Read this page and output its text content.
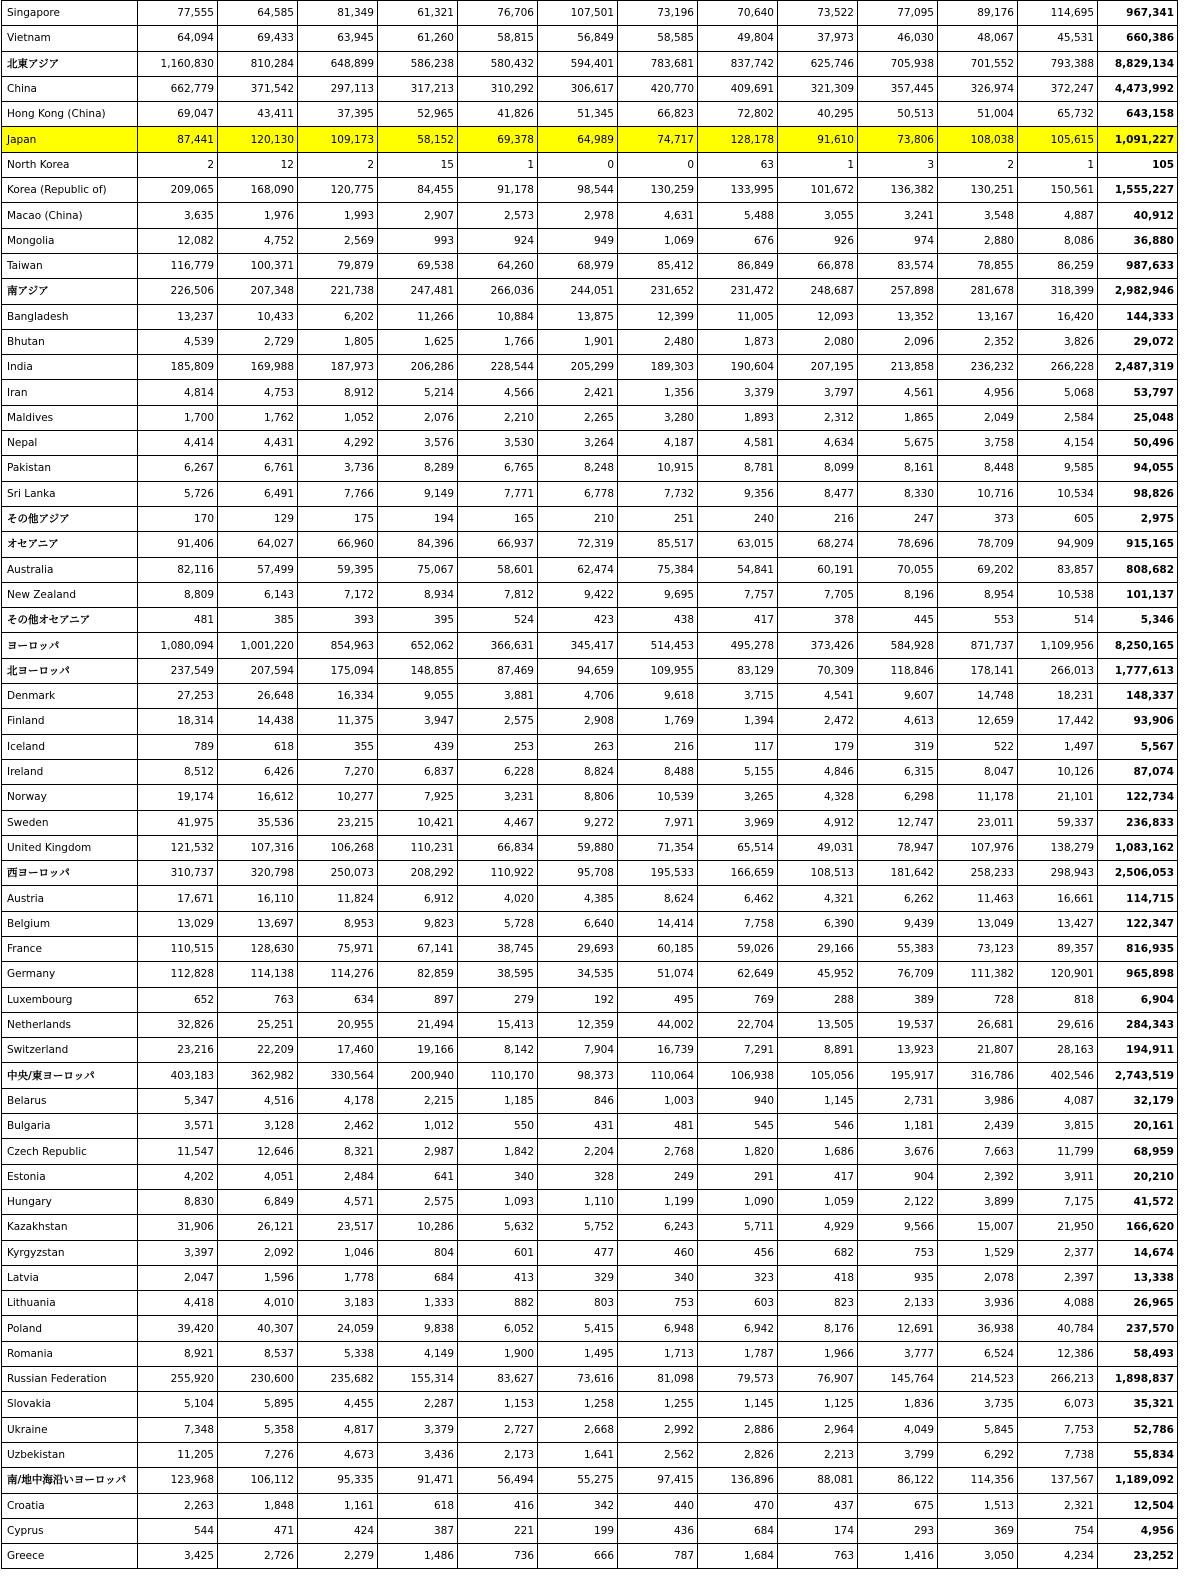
Singapore	77,555	64,585	81,349	61,321	76,706	107,501	73,196	70,640	73,522	77,095	89,176	114,695	967,341
Vietnam	64,094	69,433	63,945	61,260	58,815	56,849	58,585	49,804	37,973	46,030	48,067	45,531	660,386
北東アジア	1,160,830	810,284	648,899	586,238	580,432	594,401	783,681	837,742	625,746	705,938	701,552	793,388	8,829,134
China	662,779	371,542	297,113	317,213	310,292	306,617	420,770	409,691	321,309	357,445	326,974	372,247	4,473,992
Hong Kong (China)	69,047	43,411	37,395	52,965	41,826	51,345	66,823	72,802	40,295	50,513	51,004	65,732	643,158
Japan	87,441	120,130	109,173	58,152	69,378	64,989	74,717	128,178	91,610	73,806	108,038	105,615	1,091,227
North Korea	2	12	2	15	1	0	0	63	1	3	2	1	105
Korea (Republic of)	209,065	168,090	120,775	84,455	91,178	98,544	130,259	133,995	101,672	136,382	130,251	150,561	1,555,227
Macao (China)	3,635	1,976	1,993	2,907	2,573	2,978	4,631	5,488	3,055	3,241	3,548	4,887	40,912
Mongolia	12,082	4,752	2,569	993	924	949	1,069	676	926	974	2,880	8,086	36,880
Taiwan	116,779	100,371	79,879	69,538	64,260	68,979	85,412	86,849	66,878	83,574	78,855	86,259	987,633
南アジア	226,506	207,348	221,738	247,481	266,036	244,051	231,652	231,472	248,687	257,898	281,678	318,399	2,982,946
Bangladesh	13,237	10,433	6,202	11,266	10,884	13,875	12,399	11,005	12,093	13,352	13,167	16,420	144,333
Bhutan	4,539	2,729	1,805	1,625	1,766	1,901	2,480	1,873	2,080	2,096	2,352	3,826	29,072
India	185,809	169,988	187,973	206,286	228,544	205,299	189,303	190,604	207,195	213,858	236,232	266,228	2,487,319
Iran	4,814	4,753	8,912	5,214	4,566	2,421	1,356	3,379	3,797	4,561	4,956	5,068	53,797
Maldives	1,700	1,762	1,052	2,076	2,210	2,265	3,280	1,893	2,312	1,865	2,049	2,584	25,048
Nepal	4,414	4,431	4,292	3,576	3,530	3,264	4,187	4,581	4,634	5,675	3,758	4,154	50,496
Pakistan	6,267	6,761	3,736	8,289	6,765	8,248	10,915	8,781	8,099	8,161	8,448	9,585	94,055
Sri Lanka	5,726	6,491	7,766	9,149	7,771	6,778	7,732	9,356	8,477	8,330	10,716	10,534	98,826
その他アジア	170	129	175	194	165	210	251	240	216	247	373	605	2,975
オセアニア	91,406	64,027	66,960	84,396	66,937	72,319	85,517	63,015	68,274	78,696	78,709	94,909	915,165
Australia	82,116	57,499	59,395	75,067	58,601	62,474	75,384	54,841	60,191	70,055	69,202	83,857	808,682
New Zealand	8,809	6,143	7,172	8,934	7,812	9,422	9,695	7,757	7,705	8,196	8,954	10,538	101,137
その他オセアニア	481	385	393	395	524	423	438	417	378	445	553	514	5,346
ヨーロッパ	1,080,094	1,001,220	854,963	652,062	366,631	345,417	514,453	495,278	373,426	584,928	871,737	1,109,956	8,250,165
北ヨーロッパ	237,549	207,594	175,094	148,855	87,469	94,659	109,955	83,129	70,309	118,846	178,141	266,013	1,777,613
Denmark	27,253	26,648	16,334	9,055	3,881	4,706	9,618	3,715	4,541	9,607	14,748	18,231	148,337
Finland	18,314	14,438	11,375	3,947	2,575	2,908	1,769	1,394	2,472	4,613	12,659	17,442	93,906
Iceland	789	618	355	439	253	263	216	117	179	319	522	1,497	5,567
Ireland	8,512	6,426	7,270	6,837	6,228	8,824	8,488	5,155	4,846	6,315	8,047	10,126	87,074
Norway	19,174	16,612	10,277	7,925	3,231	8,806	10,539	3,265	4,328	6,298	11,178	21,101	122,734
Sweden	41,975	35,536	23,215	10,421	4,467	9,272	7,971	3,969	4,912	12,747	23,011	59,337	236,833
United Kingdom	121,532	107,316	106,268	110,231	66,834	59,880	71,354	65,514	49,031	78,947	107,976	138,279	1,083,162
西ヨーロッパ	310,737	320,798	250,073	208,292	110,922	95,708	195,533	166,659	108,513	181,642	258,233	298,943	2,506,053
Austria	17,671	16,110	11,824	6,912	4,020	4,385	8,624	6,462	4,321	6,262	11,463	16,661	114,715
Belgium	13,029	13,697	8,953	9,823	5,728	6,640	14,414	7,758	6,390	9,439	13,049	13,427	122,347
France	110,515	128,630	75,971	67,141	38,745	29,693	60,185	59,026	29,166	55,383	73,123	89,357	816,935
Germany	112,828	114,138	114,276	82,859	38,595	34,535	51,074	62,649	45,952	76,709	111,382	120,901	965,898
Luxembourg	652	763	634	897	279	192	495	769	288	389	728	818	6,904
Netherlands	32,826	25,251	20,955	21,494	15,413	12,359	44,002	22,704	13,505	19,537	26,681	29,616	284,343
Switzerland	23,216	22,209	17,460	19,166	8,142	7,904	16,739	7,291	8,891	13,923	21,807	28,163	194,911
中央/東ヨーロッパ	403,183	362,982	330,564	200,940	110,170	98,373	110,064	106,938	105,056	195,917	316,786	402,546	2,743,519
Belarus	5,347	4,516	4,178	2,215	1,185	846	1,003	940	1,145	2,731	3,986	4,087	32,179
Bulgaria	3,571	3,128	2,462	1,012	550	431	481	545	546	1,181	2,439	3,815	20,161
Czech Republic	11,547	12,646	8,321	2,987	1,842	2,204	2,768	1,820	1,686	3,676	7,663	11,799	68,959
Estonia	4,202	4,051	2,484	641	340	328	249	291	417	904	2,392	3,911	20,210
Hungary	8,830	6,849	4,571	2,575	1,093	1,110	1,199	1,090	1,059	2,122	3,899	7,175	41,572
Kazakhstan	31,906	26,121	23,517	10,286	5,632	5,752	6,243	5,711	4,929	9,566	15,007	21,950	166,620
Kyrgyzstan	3,397	2,092	1,046	804	601	477	460	456	682	753	1,529	2,377	14,674
Latvia	2,047	1,596	1,778	684	413	329	340	323	418	935	2,078	2,397	13,338
Lithuania	4,418	4,010	3,183	1,333	882	803	753	603	823	2,133	3,936	4,088	26,965
Poland	39,420	40,307	24,059	9,838	6,052	5,415	6,948	6,942	8,176	12,691	36,938	40,784	237,570
Romania	8,921	8,537	5,338	4,149	1,900	1,495	1,713	1,787	1,966	3,777	6,524	12,386	58,493
Russian Federation	255,920	230,600	235,682	155,314	83,627	73,616	81,098	79,573	76,907	145,764	214,523	266,213	1,898,837
Slovakia	5,104	5,895	4,455	2,287	1,153	1,258	1,255	1,145	1,125	1,836	3,735	6,073	35,321
Ukraine	7,348	5,358	4,817	3,379	2,727	2,668	2,992	2,886	2,964	4,049	5,845	7,753	52,786
Uzbekistan	11,205	7,276	4,673	3,436	2,173	1,641	2,562	2,826	2,213	3,799	6,292	7,738	55,834
南/地中海沿いヨーロッパ	123,968	106,112	95,335	91,471	56,494	55,275	97,415	136,896	88,081	86,122	114,356	137,567	1,189,092
Croatia	2,263	1,848	1,161	618	416	342	440	470	437	675	1,513	2,321	12,504
Cyprus	544	471	424	387	221	199	436	684	174	293	369	754	4,956
Greece	3,425	2,726	2,279	1,486	736	666	787	1,684	763	1,416	3,050	4,234	23,252
